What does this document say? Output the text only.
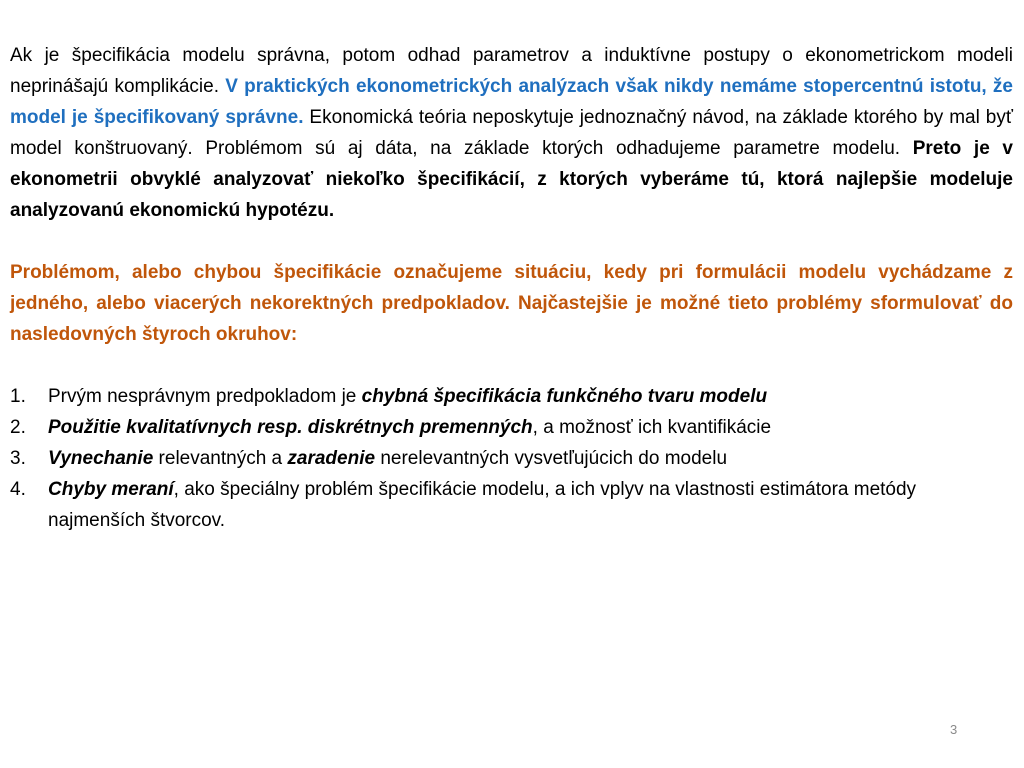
Ak je špecifikácia modelu správna, potom odhad parametrov a induktívne postupy o ekonometrickom modeli neprinášajú komplikácie. V praktických ekonometrických analýzach však nikdy nemáme stopercentnú istotu, že model je špecifikovaný správne. Ekonomická teória neposkytuje jednoznačný návod, na základe ktorého by mal byť model konštruovaný. Problémom sú aj dáta, na základe ktorých odhadujeme parametre modelu. Preto je v ekonometrii obvyklé analyzovať niekoľko špecifikácií, z ktorých vyberáme tú, ktorá najlepšie modeluje analyzovanú ekonomickú hypotézu.

Problémom, alebo chybou špecifikácie označujeme situáciu, kedy pri formulácii modelu vychádzame z jedného, alebo viacerých nekorektných predpokladov. Najčastejšie je možné tieto problémy sformulovať do nasledovných štyroch okruhov:

1. Prvým nesprávnym predpokladom je chybná špecifikácia funkčného tvaru modelu
2. Použitie kvalitatívnych resp. diskrétnych premenných, a možnosť ich kvantifikácie
3. Vynechanie relevantných a zaradenie nerelevantných vysvetľujúcich do modelu
4. Chyby meraní, ako špeciálny problém špecifikácie modelu, a ich vplyv na vlastnosti estimátora metódy najmenších štvorcov.
3
